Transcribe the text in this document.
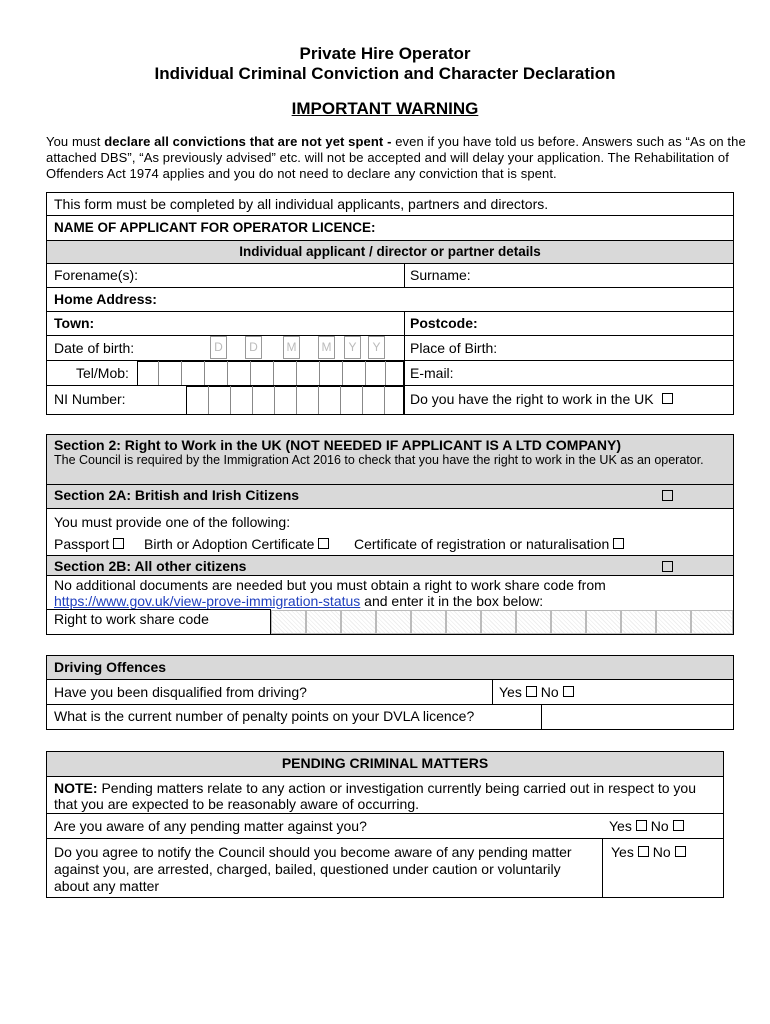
Private Hire Operator
Individual Criminal Conviction and Character Declaration
IMPORTANT WARNING
You must declare all convictions that are not yet spent - even if you have told us before. Answers such as “As on the attached DBS”, “As previously advised” etc. will not be accepted and will delay your application. The Rehabilitation of Offenders Act 1974 applies and you do not need to declare any conviction that is spent.
This form must be completed by all individual applicants, partners and directors.
NAME OF APPLICANT FOR OPERATOR LICENCE:
Individual applicant / director or partner details
Forename(s):	Surname:
Home Address:
Town:	Postcode:
Date of birth:	D	D	M M	Y	Y	Place of Birth:
Tel/Mob:	E-mail:
NI Number:	Do you have the right to work in the UK
Section 2: Right to Work in the UK (NOT NEEDED IF APPLICANT IS A LTD COMPANY)
The Council is required by the Immigration Act 2016 to check that you have the right to work in the UK as an operator.
Section 2A: British and Irish Citizens
You must provide one of the following:
Passport	Birth or Adoption Certificate	Certificate of registration or naturalisation
Section 2B: All other citizens
No additional documents are needed but you must obtain a right to work share code from
https://www.gov.uk/view-prove-immigration-status and enter it in the box below:
Right to work share code
Driving Offences
Have you been disqualified from driving?	Yes No
What is the current number of penalty points on your DVLA licence?
PENDING CRIMINAL MATTERS
NOTE: Pending matters relate to any action or investigation currently being carried out in respect to you that you are expected to be reasonably aware of occurring.
Are you aware of any pending matter against you?	Yes No
Do you agree to notify the Council should you become aware of any pending matter against you, are arrested, charged, bailed, questioned under caution or voluntarily about any matter
Yes No
